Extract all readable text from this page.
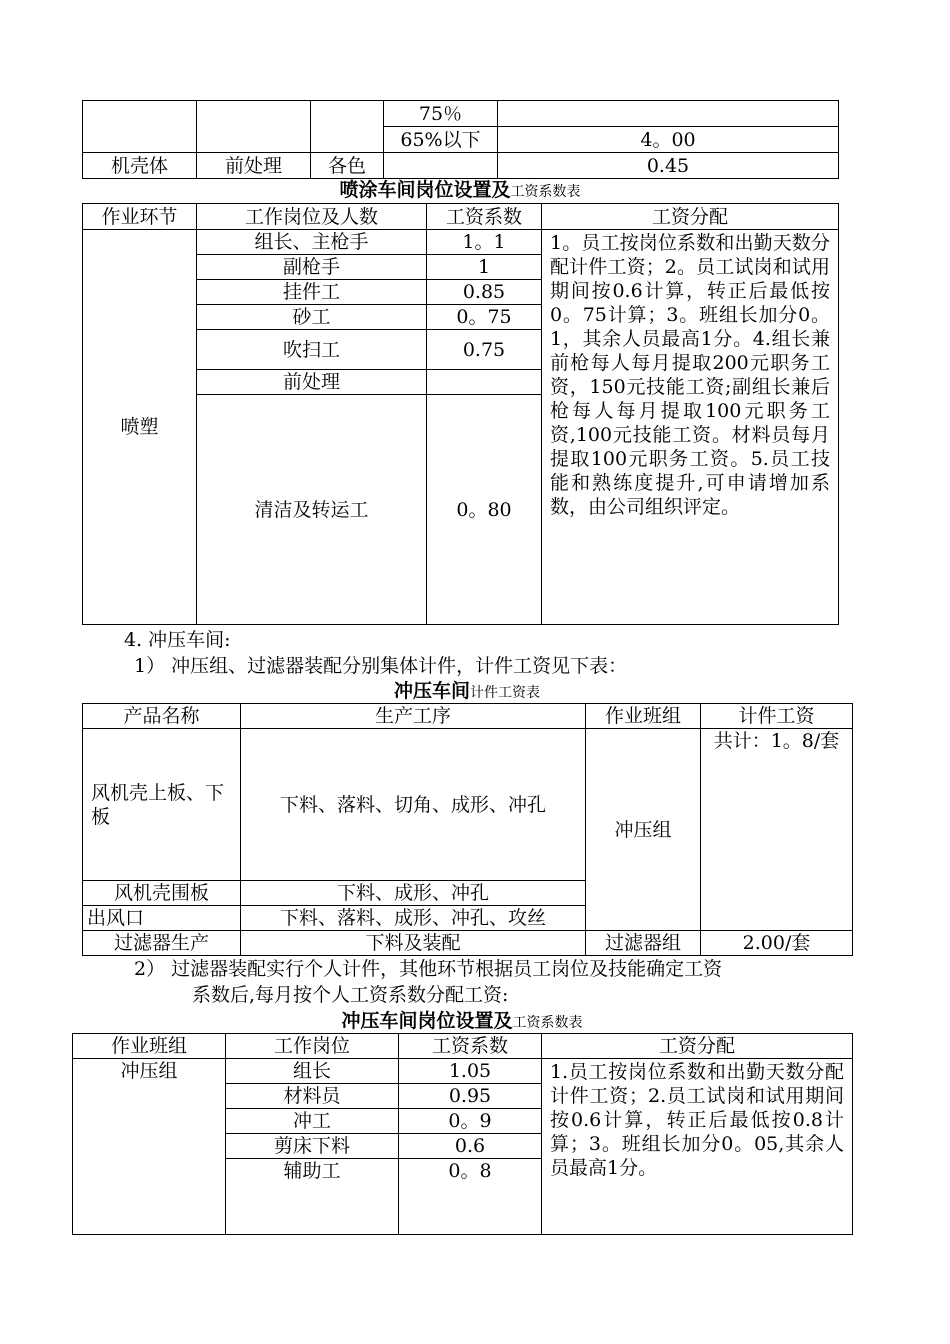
			75％	
			65%以下	4。00
机壳体	前处理	各色		0.45
喷涂车间岗位设置及工资系数表
作业环节	工作岗位及人数	工资系数	工资分配
喷塑	组长、主枪手	1。1	1。员工按岗位系数和出勤天数分配计件工资；2。员工试岗和试用期间按0.6计算，转正后最低按0。75计算；3。班组长加分0。1，其余人员最高1分。4.组长兼前枪每人每月提取200元职务工资，150元技能工资;副组长兼后枪每人每月提取100元职务工资,100元技能工资。材料员每月提取100元职务工资。5.员工技能和熟练度提升,可申请增加系数，由公司组织评定。
	副枪手	1	
	挂件工	0.85	
	砂工	0。75	
	吹扫工	0.75	
	前处理		
	清洁及转运工	0。80	
4. 冲压车间:
1） 冲压组、过滤器装配分别集体计件，计件工资见下表：
冲压车间计件工资表
产品名称	生产工序	作业班组	计件工资
风机壳上板、下板	下料、落料、切角、成形、冲孔	冲压组	共计：1。8/套
风机壳围板	下料、成形、冲孔		
出风口	下料、落料、成形、冲孔、攻丝		
过滤器生产	下料及装配	过滤器组	2.00/套
2） 过滤器装配实行个人计件，其他环节根据员工岗位及技能确定工资
系数后,每月按个人工资系数分配工资:
冲压车间岗位设置及工资系数表
作业班组	工作岗位	工资系数	工资分配
冲压组	组长	1.05	1.员工按岗位系数和出勤天数分配计件工资；2.员工试岗和试用期间按0.6计算，转正后最低按0.8计算；3。班组长加分0。05,其余人员最高1分。
	材料员	0.95	
	冲工	0。9	
	剪床下料	0.6	
	辅助工	0。8	
